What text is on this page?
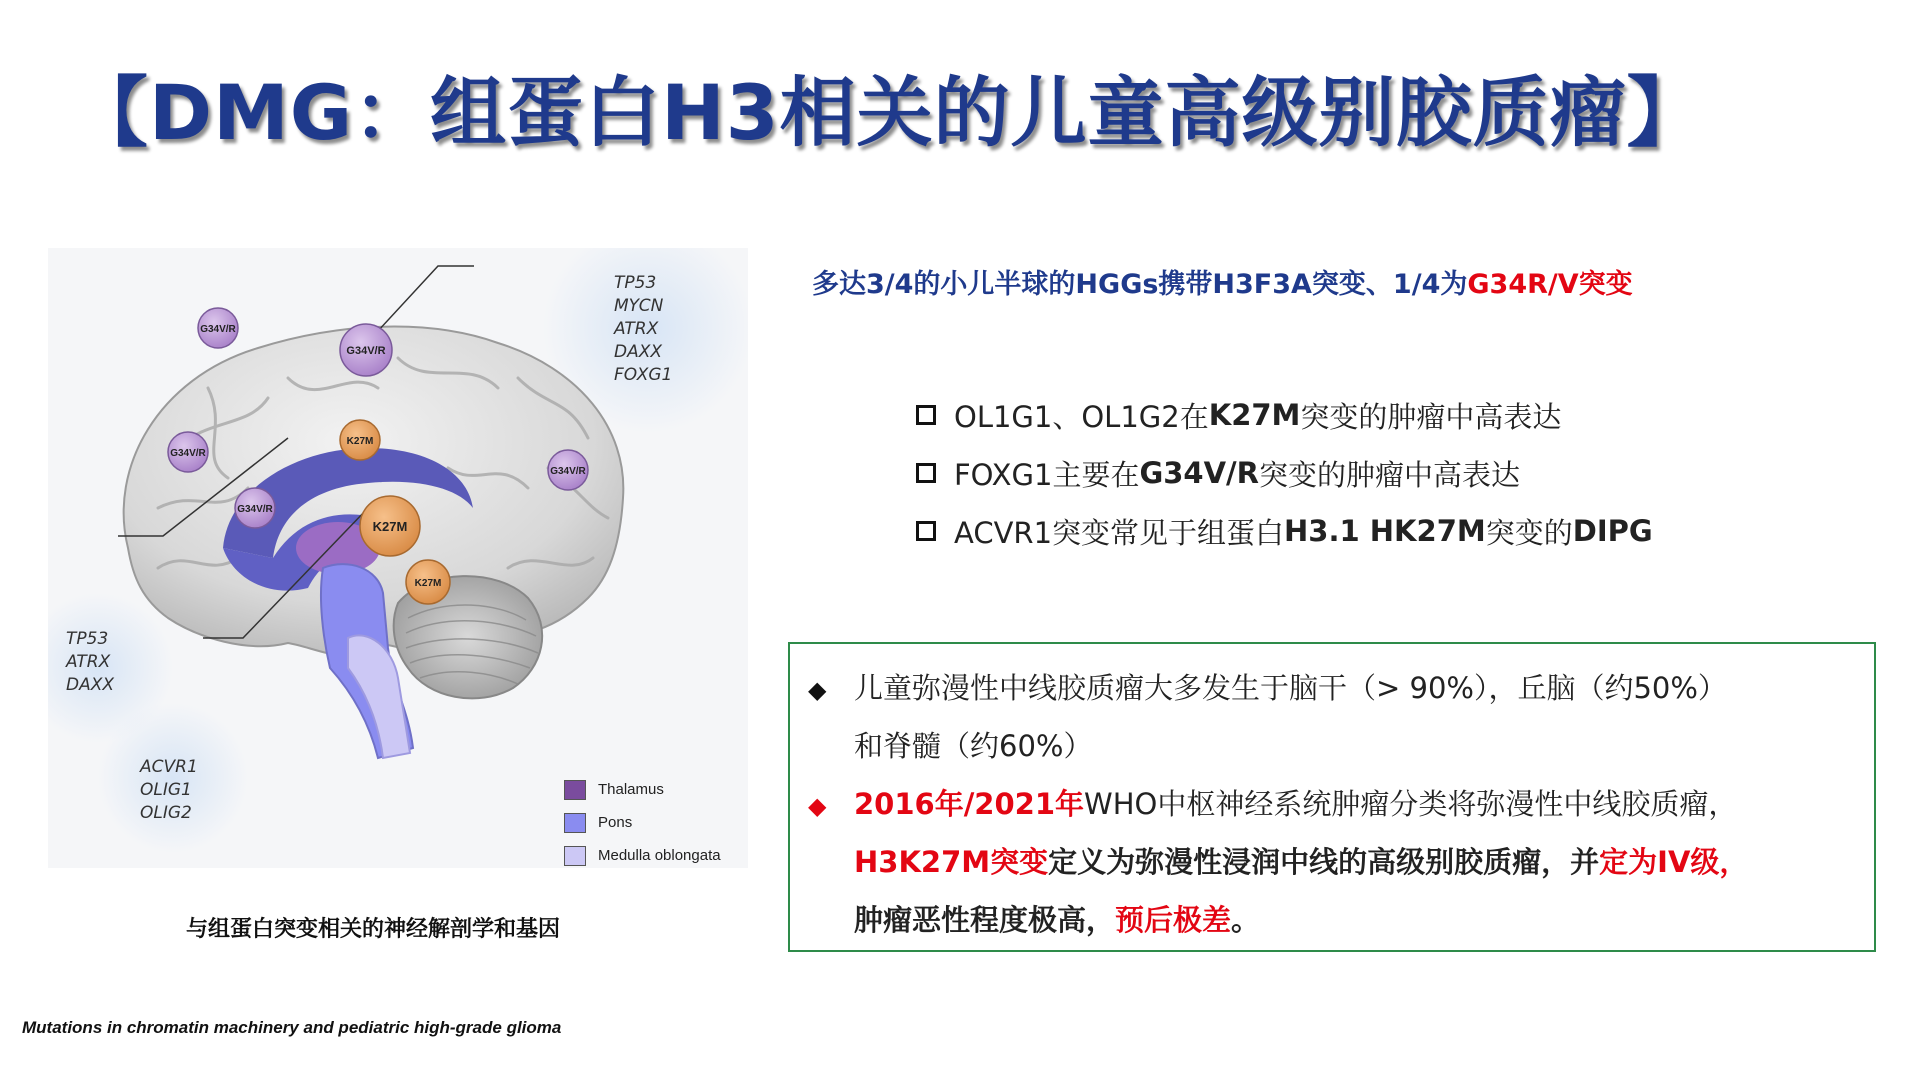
【DMG：组蛋白H3相关的儿童高级别胶质瘤】
G34V/R
G34V/R
G34V/R
G34V/R
G34V/R
K27M
K27M
K27M
TP53
MYCN
ATRX
DAXX
FOXG1
TP53
ATRX
DAXX
ACVR1
OLIG1
OLIG2
Thalamus
Pons
Medulla oblongata
与组蛋白突变相关的神经解剖学和基因
Mutations in chromatin machinery and pediatric high-grade glioma
多达3/4的小儿半球的HGGs携带H3F3A突变、1/4为G34R/V突变
OL1G1、OL1G2在 K27M 突变的肿瘤中高表达
FOXG1主要在 G34V/R 突变的肿瘤中高表达
ACVR1突变常见于组蛋白 H3.1 HK27M 突变的 DIPG
◆ 儿童弥漫性中线胶质瘤大多发生于脑干（> 90%），丘脑（约50%）
和脊髓（约60%）
◆ 2016年/2021年WHO中枢神经系统肿瘤分类将弥漫性中线胶质瘤，
H3K27M突变定义为弥漫性浸润中线的高级别胶质瘤，并定为IV级，
肿瘤恶性程度极高，预后极差。
